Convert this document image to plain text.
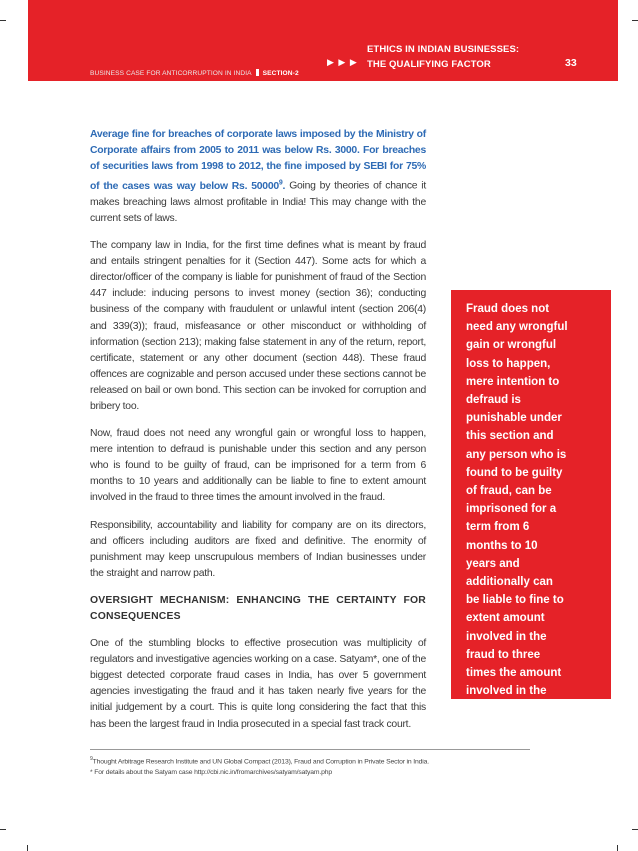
ETHICS IN INDIAN BUSINESSES:
THE QUALIFYING FACTOR
▶ ▶ ▶	33
BUSINESS CASE FOR ANTICORRUPTION IN INDIA SECTION-2

Average fine for breaches of corporate laws imposed by the Ministry of Corporate affairs from 2005 to 2011 was below Rs. 3000. For breaches of securities laws from 1998 to 2012, the fine imposed by SEBI for 75% of the cases was way below Rs. 50000$^9$. Going by theories of chance it makes breaching laws almost profitable in India! This may change with the current sets of laws.

The company law in India, for the first time defines what is meant by fraud and entails stringent penalties for it (Section 447). Some acts for which a director/officer of the company is liable for punishment of fraud of the Section 447 include: inducing persons to invest money (section 36); conducting business of the company with fraudulent or unlawful intent (section 206(4) and 339(3)); fraud, misfeasance or other misconduct or withholding of information (section 213); making false statement in any of the return, report, certificate, statement or any other document (section 448). These fraud offences are cognizable and person accused under these sections cannot be released on bail or own bond. This section can be invoked for corruption and bribery too.

Now, fraud does not need any wrongful gain or wrongful loss to happen, mere intention to defraud is punishable under this section and any person who is found to be guilty of fraud, can be imprisoned for a term from 6 months to 10 years and additionally can be liable to fine to extent amount involved in the fraud to three times the amount involved in the fraud.

Responsibility, accountability and liability for company are on its directors, and officers including auditors are fixed and definitive. The enormity of punishment may keep unscrupulous members of Indian businesses under the straight and narrow path.

OVERSIGHT MECHANISM: ENHANCING THE CERTAINTY FOR CONSEQUENCES

One of the stumbling blocks to effective prosecution was multiplicity of regulators and investigative agencies working on a case. Satyam*, one of the biggest detected corporate fraud cases in India, has over 5 government agencies investigating the fraud and it has taken nearly five years for the initial judgement by a court. This is quite long considering the fact that this has been the largest fraud in India prosecuted in a special fast track court.

Fraud does not
need any wrongful
gain or wrongful
loss to happen,
mere intention to
defraud is
punishable under
this section and
any person who is
found to be guilty
of fraud, can be
imprisoned for a
term from 6
months to 10
years and
additionally can
be liable to fine to
extent amount
involved in the
fraud to three
times the amount
involved in the
fraud.
$^9$Thought Arbitrage Research Institute and UN Global Compact (2013), Fraud and Corruption in Private Sector in India.
* For details about the Satyam case http://cbi.nic.in/fromarchives/satyam/satyam.php
